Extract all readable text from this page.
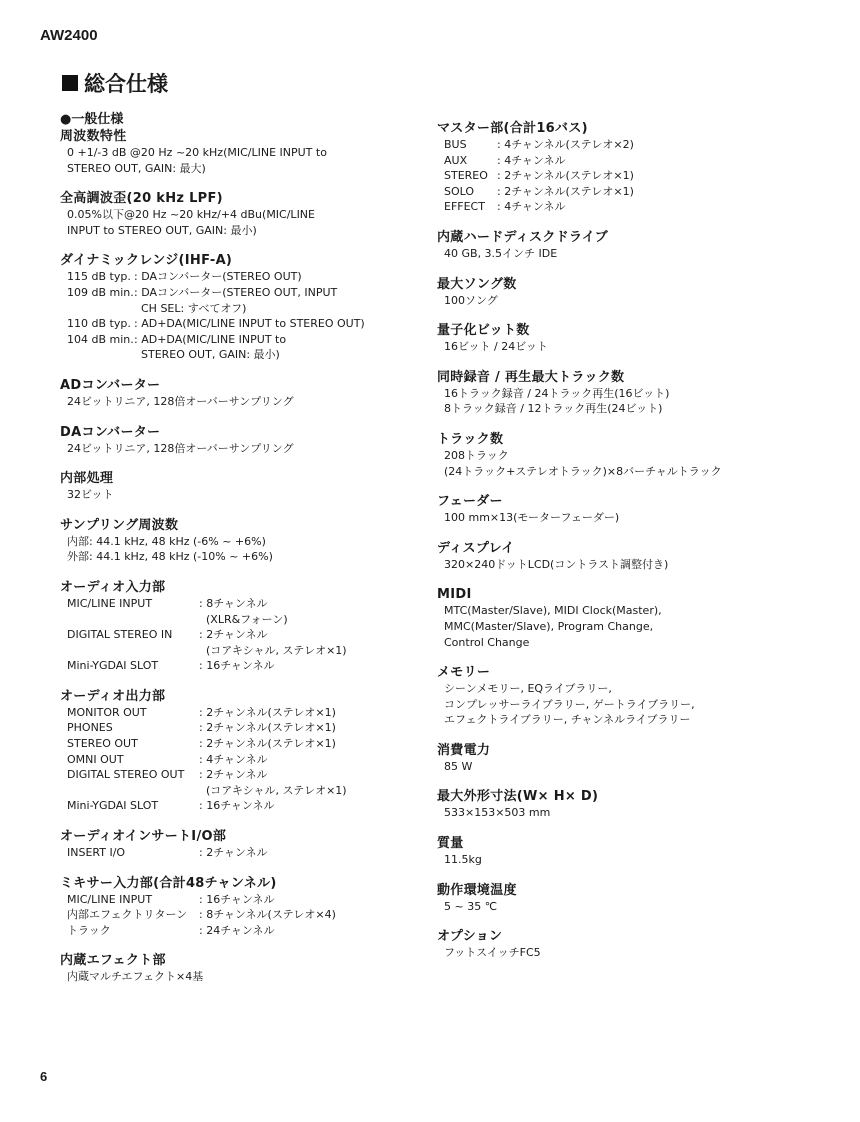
AW2400
総合仕様
●一般仕様
周波数特性
0 +1/-3 dB @20 Hz ~20 kHz(MIC/LINE INPUT to
STEREO OUT, GAIN: 最大)
全高調波歪(20 kHz LPF)
0.05%以下@20 Hz ~20 kHz/+4 dBu(MIC/LINE
INPUT to STEREO OUT, GAIN: 最小)
ダイナミックレンジ(IHF-A)
115 dB typ. : DAコンバーター(STEREO OUT)
109 dB min. : DAコンバーター(STEREO OUT, INPUT
CH SEL: すべてオフ)
110 dB typ. : AD+DA(MIC/LINE INPUT to STEREO OUT)
104 dB min. : AD+DA(MIC/LINE INPUT to
STEREO OUT, GAIN: 最小)
ADコンバーター
24ビットリニア, 128倍オーバーサンプリング
DAコンバーター
24ビットリニア, 128倍オーバーサンプリング
内部処理
32ビット
サンプリング周波数
内部: 44.1 kHz, 48 kHz (-6% ~ +6%)
外部: 44.1 kHz, 48 kHz (-10% ~ +6%)
オーディオ入力部
MIC/LINE INPUT	: 8チャンネル
(XLR&フォーン)
DIGITAL STEREO IN	: 2チャンネル
(コアキシャル, ステレオ×1)
Mini-YGDAI SLOT	: 16チャンネル
オーディオ出力部
MONITOR OUT	: 2チャンネル(ステレオ×1)
PHONES	: 2チャンネル(ステレオ×1)
STEREO OUT	: 2チャンネル(ステレオ×1)
OMNI OUT	: 4チャンネル
DIGITAL STEREO OUT	: 2チャンネル
(コアキシャル, ステレオ×1)
Mini-YGDAI SLOT	: 16チャンネル
オーディオインサートI/O部
INSERT I/O	: 2チャンネル
ミキサー入力部(合計48チャンネル)
MIC/LINE INPUT	: 16チャンネル
内部エフェクトリターン	: 8チャンネル(ステレオ×4)
トラック	: 24チャンネル
内蔵エフェクト部
内蔵マルチエフェクト×4基
マスター部(合計16バス)
BUS	: 4チャンネル(ステレオ×2)
AUX	: 4チャンネル
STEREO : 2チャンネル(ステレオ×1)
SOLO	: 2チャンネル(ステレオ×1)
EFFECT	: 4チャンネル
内蔵ハードディスクドライブ
40 GB, 3.5インチ IDE
最大ソング数
100ソング
量子化ビット数
16ビット / 24ビット
同時録音 / 再生最大トラック数
16トラック録音 / 24トラック再生(16ビット)
8トラック録音 / 12トラック再生(24ビット)
トラック数
208トラック
(24トラック+ステレオトラック)×8バーチャルトラック
フェーダー
100 mm×13(モーターフェーダー)
ディスプレイ
320×240ドットLCD(コントラスト調整付き)
MIDI
MTC(Master/Slave), MIDI Clock(Master),
MMC(Master/Slave), Program Change,
Control Change
メモリー
シーンメモリー, EQライブラリー,
コンプレッサーライブラリー, ゲートライブラリー,
エフェクトライブラリー, チャンネルライブラリー
消費電力
85 W
最大外形寸法(W× H× D)
533×153×503 mm
質量
11.5kg
動作環境温度
5 ~ 35 ℃
オプション
フットスイッチFC5
6
